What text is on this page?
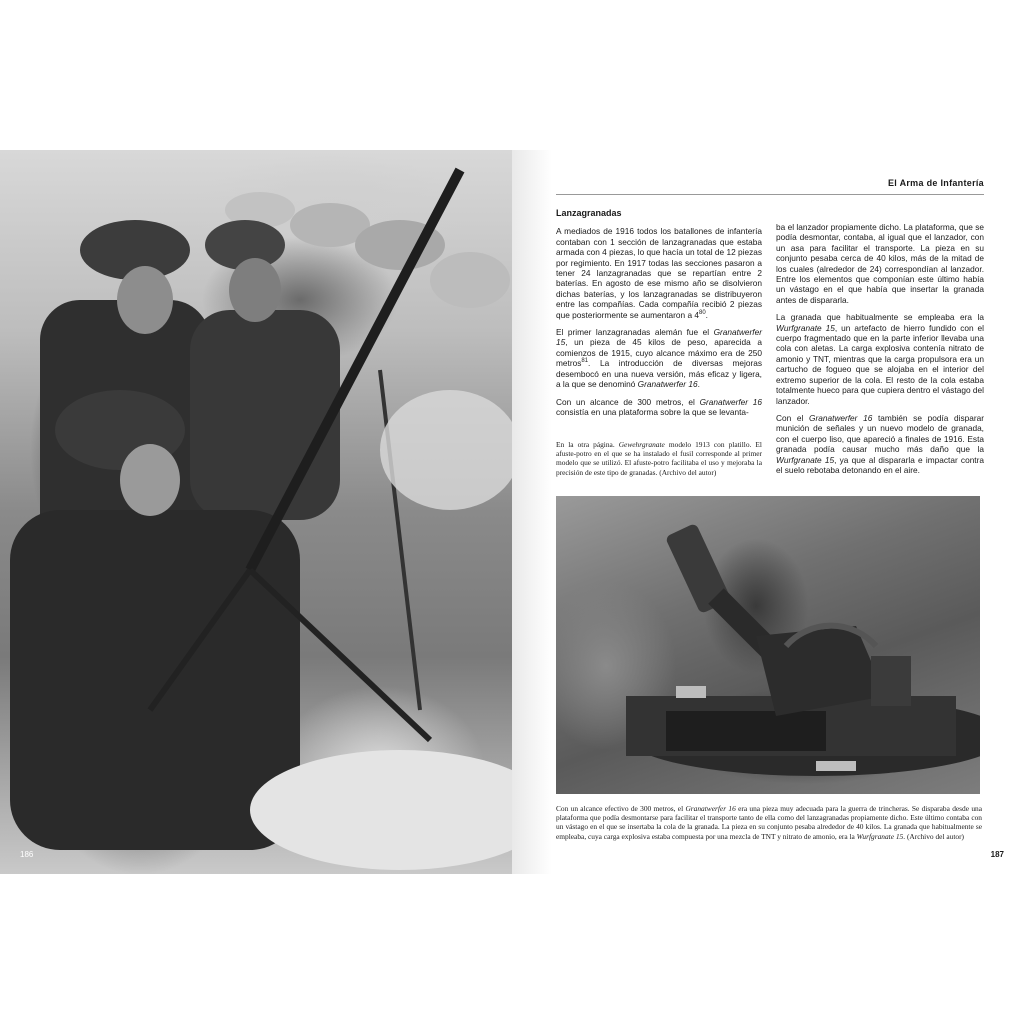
186
El Arma de Infantería
Lanzagranadas

A mediados de 1916 todos los batallones de infantería contaban con 1 sección de lanzagranadas que estaba armada con 4 piezas, lo que hacía un total de 12 piezas por regimiento. En 1917 todas las secciones pasaron a tener 24 lanzagranadas que se repartían entre 2 baterías. En agosto de ese mismo año se disolvieron dichas baterías, y los lanzagranadas se distribuyeron entre las compañías. Cada compañía recibió 2 piezas que posteriormente se aumentaron a $4^{80}$.

El primer lanzagranadas alemán fue el Granatwerfer 15, un pieza de 45 kilos de peso, aparecida a comienzos de 1915, cuyo alcance máximo era de 250 metros$^{81}$. La introducción de diversas mejoras desembocó en una nueva versión, más eficaz y ligera, a la que se denominó Granatwerfer 16.

Con un alcance de 300 metros, el Granatwerfer 16 consistía en una plataforma sobre la que se levanta-

En la otra página. Gewehrgranate modelo 1913 con platillo. El afuste-potro en el que se ha instalado el fusil corresponde al primer modelo que se utilizó. El afuste-potro facilitaba el uso y mejoraba la precisión de este tipo de granadas. (Archivo del autor)

ba el lanzador propiamente dicho. La plataforma, que se podía desmontar, contaba, al igual que el lanzador, con un asa para facilitar el transporte. La pieza en su conjunto pesaba cerca de 40 kilos, más de la mitad de los cuales (alrededor de 24) correspondían al lanzador. Entre los elementos que componían este último había un vástago en el que había que insertar la granada antes de dispararla.

La granada que habitualmente se empleaba era la Wurfgranate 15, un artefacto de hierro fundido con el cuerpo fragmentado que en la parte inferior llevaba una cola con aletas. La carga explosiva contenía nitrato de amonio y TNT, mientras que la carga propulsora era un cartucho de fogueo que se alojaba en el interior del extremo superior de la cola. El resto de la cola estaba totalmente hueco para que cupiera dentro el vástago del lanzador.

Con el Granatwerfer 16 también se podía disparar munición de señales y un nuevo modelo de granada, con el cuerpo liso, que apareció a finales de 1916. Esta granada podía causar mucho más daño que la Wurfgranate 15, ya que al dispararla e impactar contra el suelo rebotaba detonando en el aire.

Con un alcance efectivo de 300 metros, el Granatwerfer 16 era una pieza muy adecuada para la guerra de trincheras. Se disparaba desde una plataforma que podía desmontarse para facilitar el transporte tanto de ella como del lanzagranadas propiamente dicho. Este último contaba con un vástago en el que se insertaba la cola de la granada. La pieza en su conjunto pesaba alrededor de 40 kilos. La granada que habitualmente se empleaba, cuya carga explosiva estaba compuesta por una mezcla de TNT y nitrato de amonio, era la Wurfgranate 15. (Archivo del autor)
187
